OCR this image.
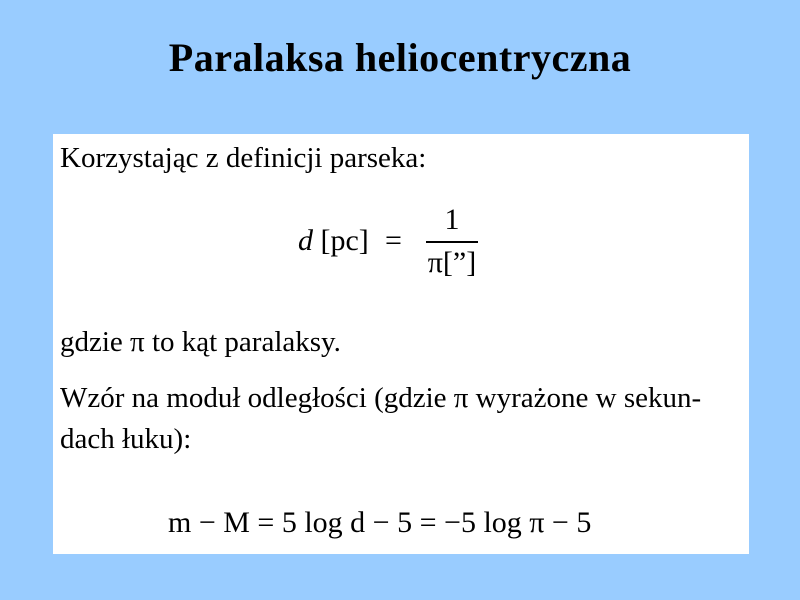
Paralaksa heliocentryczna
Korzystając z definicji parseka:
d [pc] =
1
π[”]
gdzie π to kąt paralaksy.
Wzór na moduł odległości (gdzie π wyrażone w sekun-
dach łuku):
m − M = 5 log d − 5 = −5 log π − 5
